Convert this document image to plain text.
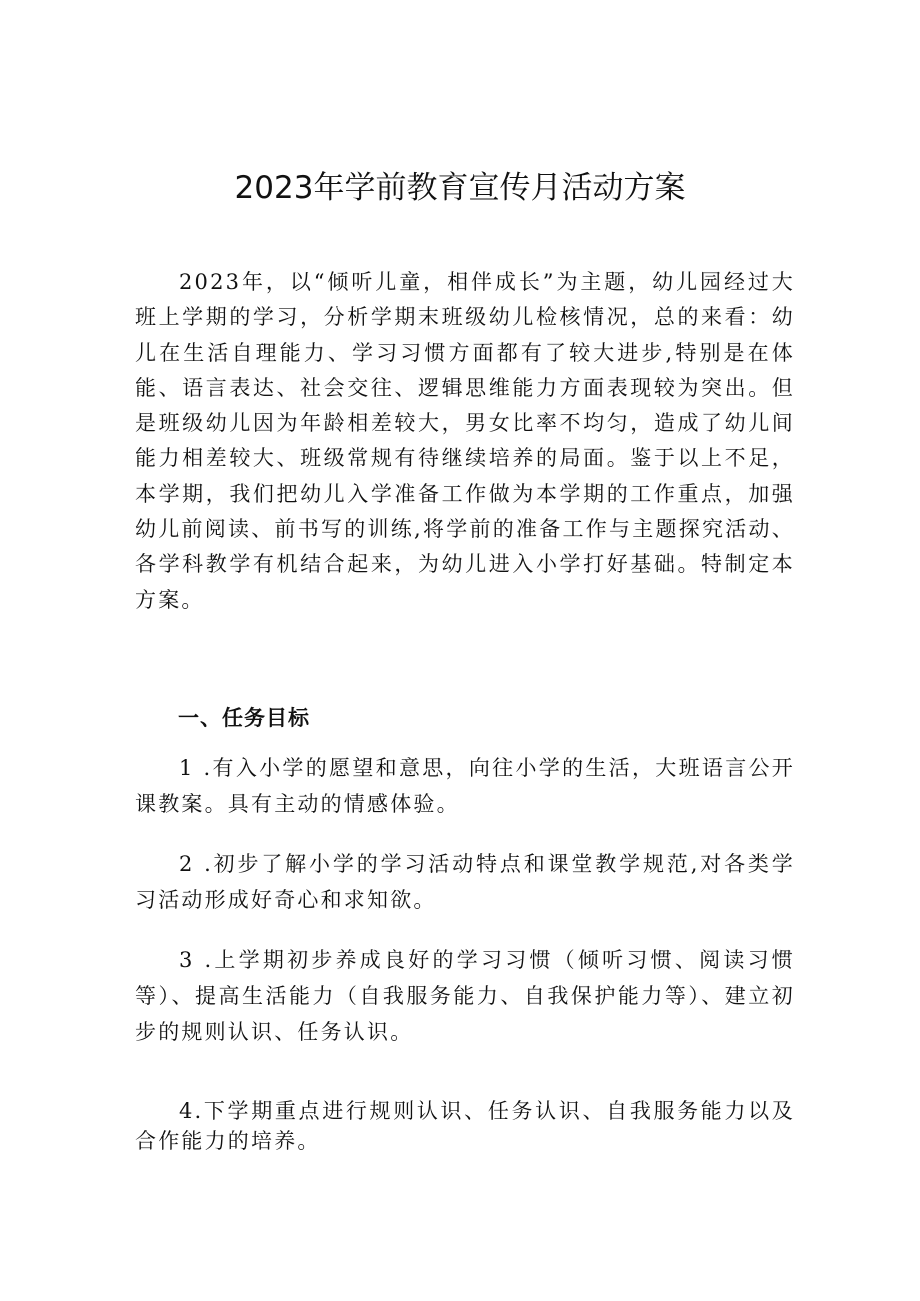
2023年学前教育宣传月活动方案

2023年，以“倾听儿童，相伴成长”为主题，幼儿园经过大班上学期的学习，分析学期末班级幼儿检核情况，总的来看：幼儿在生活自理能力、学习习惯方面都有了较大进步,特别是在体能、语言表达、社会交往、逻辑思维能力方面表现较为突出。但是班级幼儿因为年龄相差较大，男女比率不均匀，造成了幼儿间能力相差较大、班级常规有待继续培养的局面。鉴于以上不足，本学期，我们把幼儿入学准备工作做为本学期的工作重点，加强幼儿前阅读、前书写的训练,将学前的准备工作与主题探究活动、各学科教学有机结合起来，为幼儿进入小学打好基础。特制定本方案。

一、任务目标

1 .有入小学的愿望和意思，向往小学的生活，大班语言公开课教案。具有主动的情感体验。

2 .初步了解小学的学习活动特点和课堂教学规范,对各类学习活动形成好奇心和求知欲。

3 .上学期初步养成良好的学习习惯（倾听习惯、阅读习惯等）、提高生活能力（自我服务能力、自我保护能力等）、建立初步的规则认识、任务认识。

4.下学期重点进行规则认识、任务认识、自我服务能力以及合作能力的培养。
